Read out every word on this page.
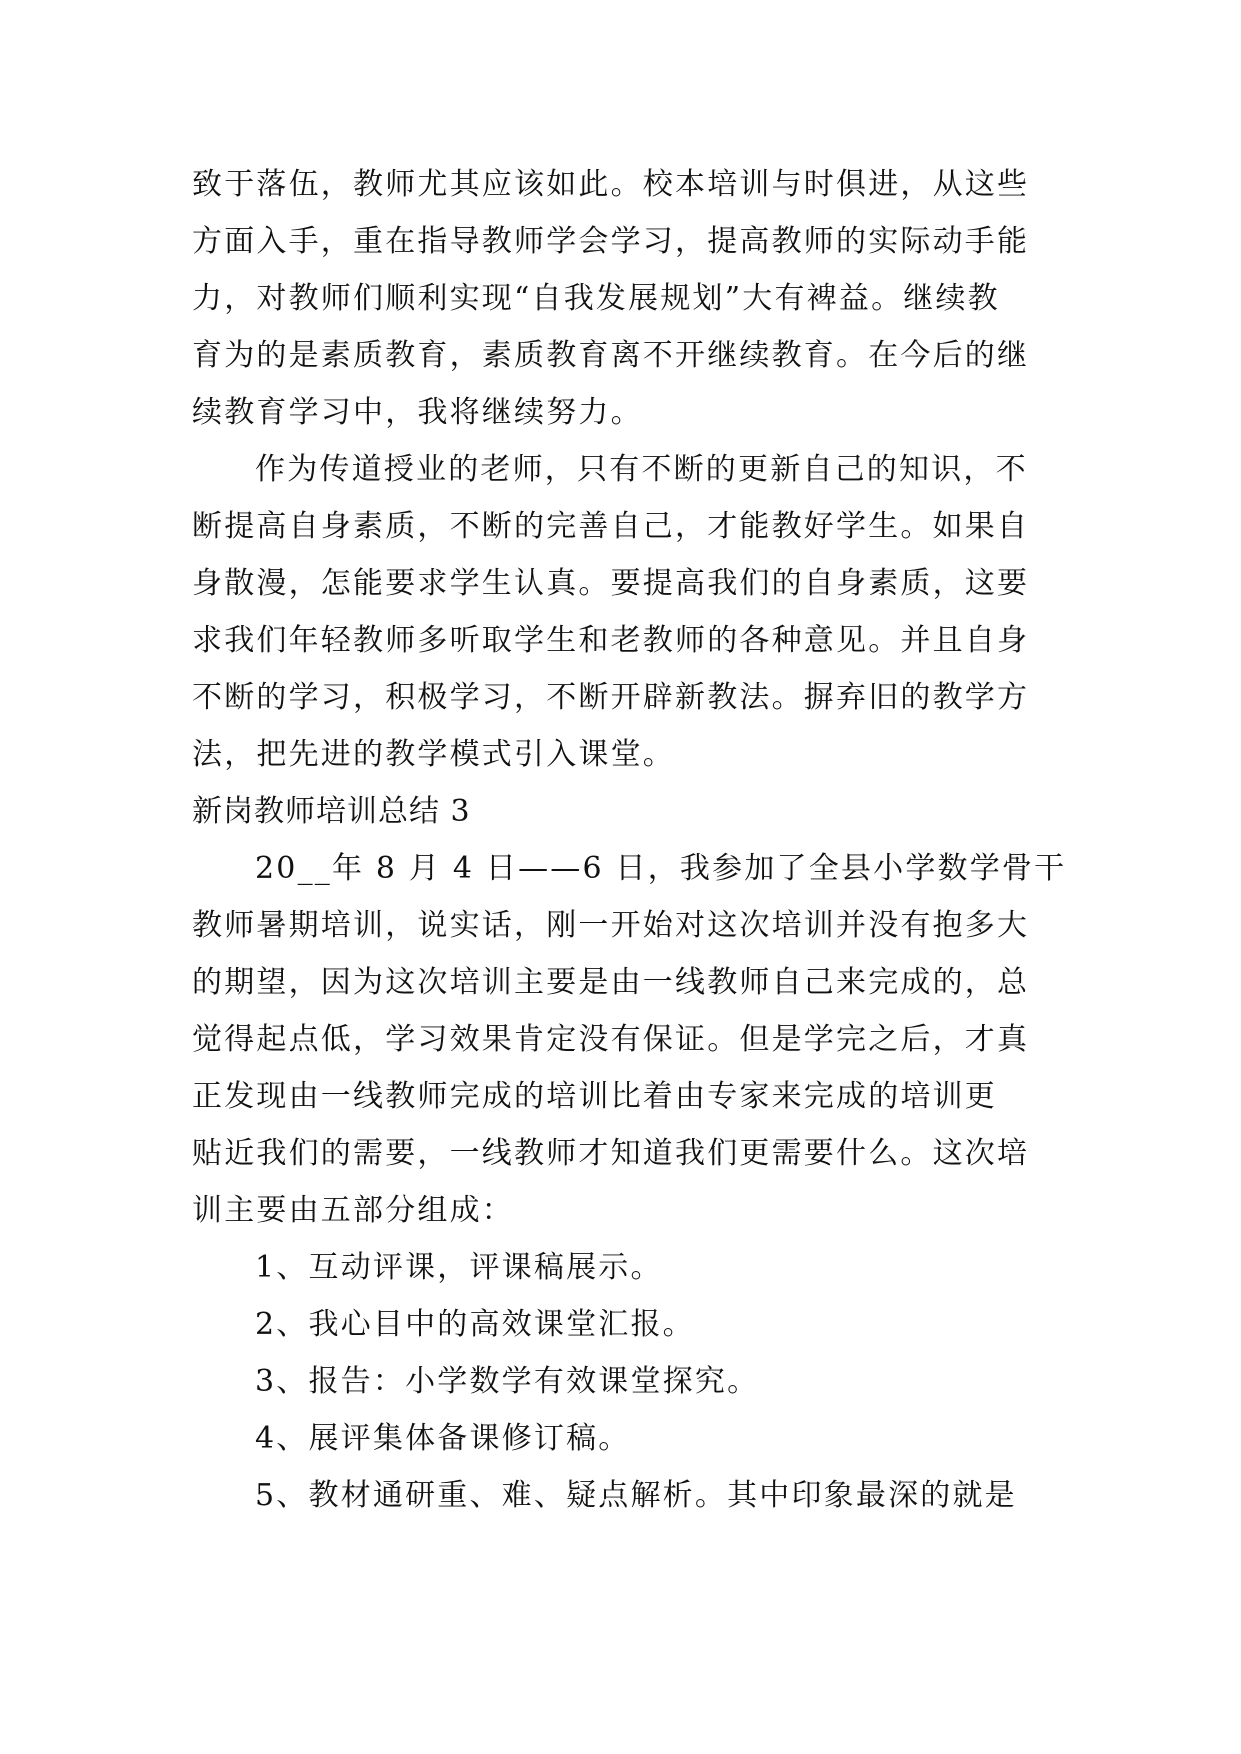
致于落伍，教师尤其应该如此。校本培训与时俱进，从这些
方面入手，重在指导教师学会学习，提高教师的实际动手能
力，对教师们顺利实现“自我发展规划”大有裨益。继续教
育为的是素质教育，素质教育离不开继续教育。在今后的继
续教育学习中，我将继续努力。
作为传道授业的老师，只有不断的更新自己的知识，不
断提高自身素质，不断的完善自己，才能教好学生。如果自
身散漫，怎能要求学生认真。要提高我们的自身素质，这要
求我们年轻教师多听取学生和老教师的各种意见。并且自身
不断的学习，积极学习，不断开辟新教法。摒弃旧的教学方
法，把先进的教学模式引入课堂。
新岗教师培训总结 3
20__年 8 月 4 日——6 日，我参加了全县小学数学骨干
教师暑期培训，说实话，刚一开始对这次培训并没有抱多大
的期望，因为这次培训主要是由一线教师自己来完成的，总
觉得起点低，学习效果肯定没有保证。但是学完之后，才真
正发现由一线教师完成的培训比着由专家来完成的培训更
贴近我们的需要，一线教师才知道我们更需要什么。这次培
训主要由五部分组成：
1、互动评课，评课稿展示。
2、我心目中的高效课堂汇报。
3、报告：小学数学有效课堂探究。
4、展评集体备课修订稿。
5、教材通研重、难、疑点解析。其中印象最深的就是
